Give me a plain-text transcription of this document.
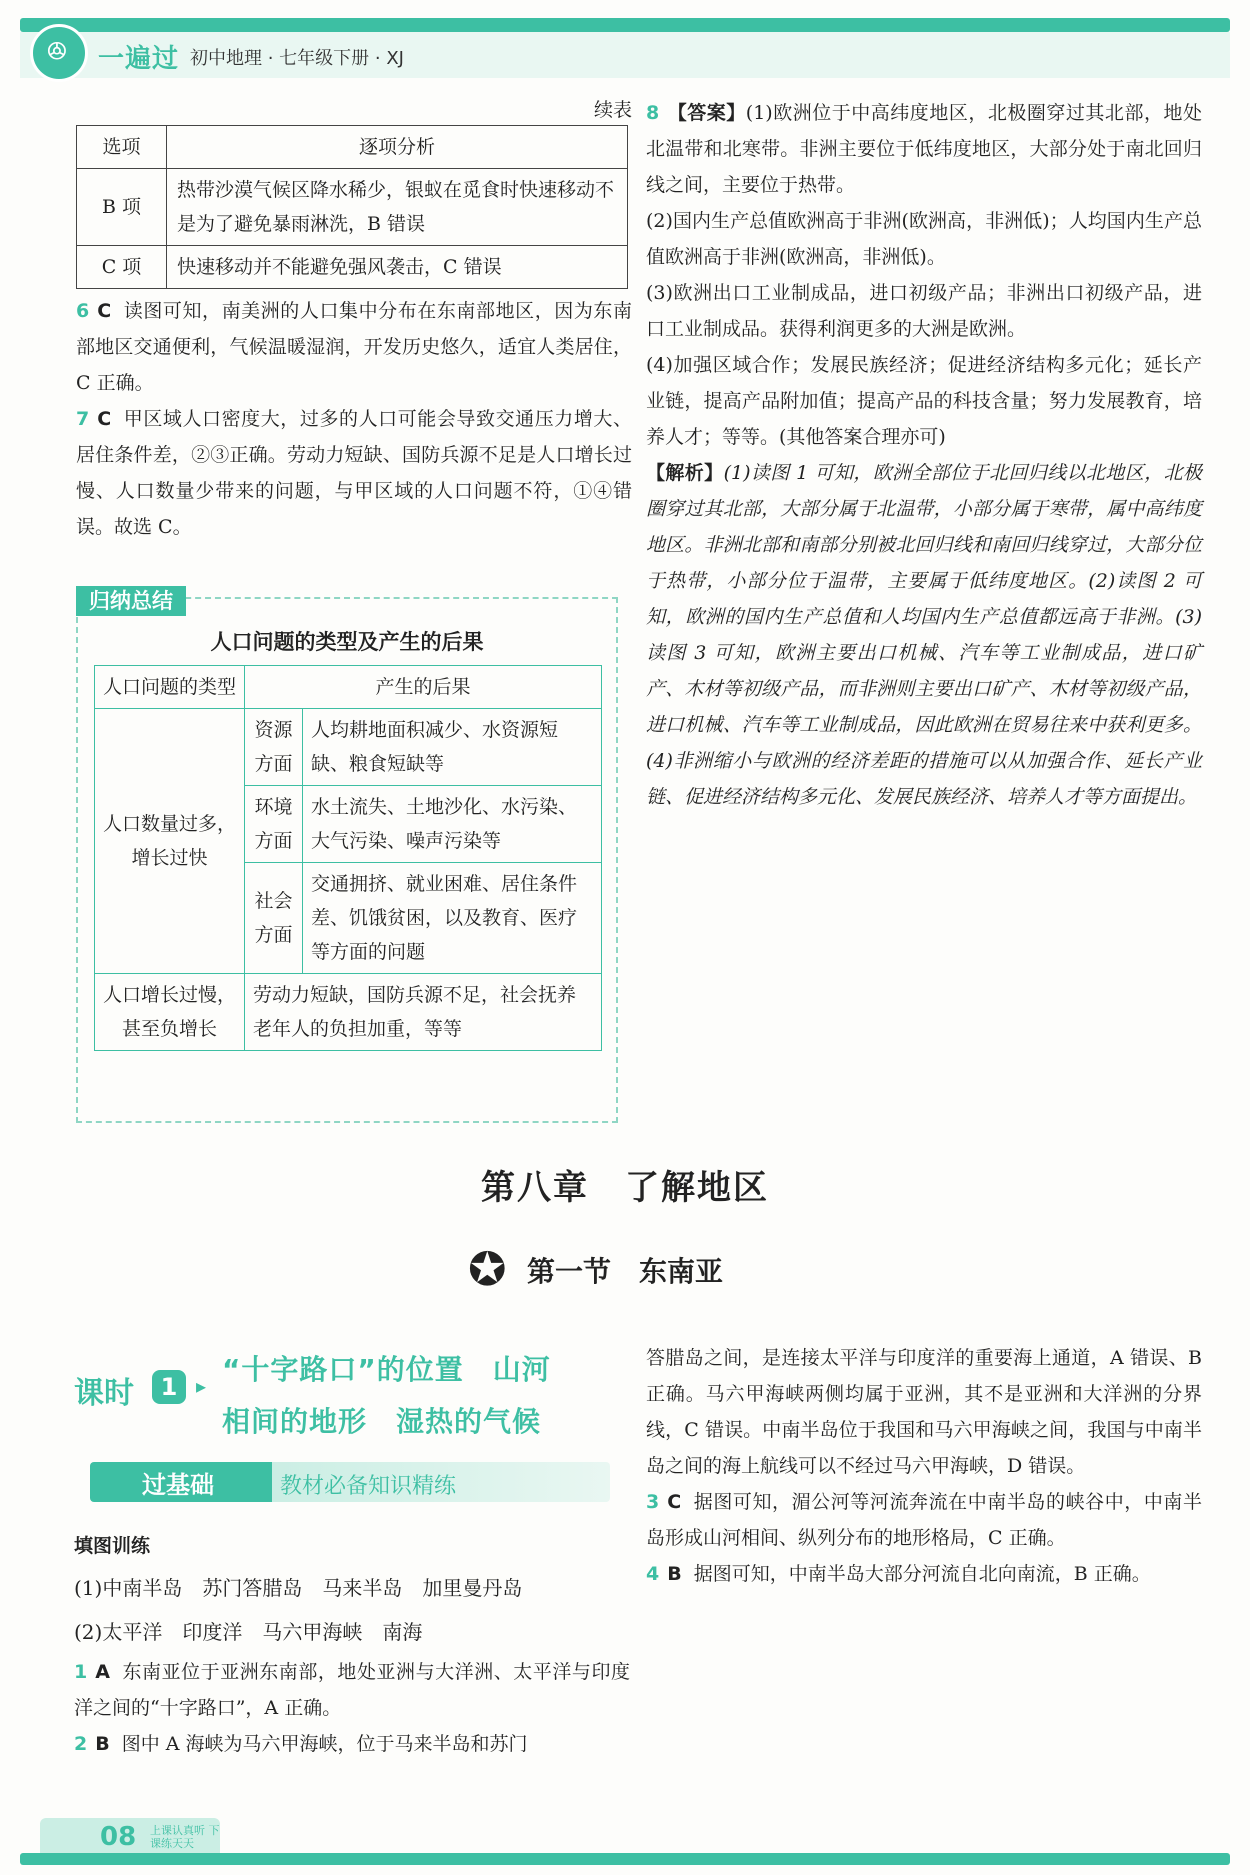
ꔮ
一遍过 初中地理 · 七年级下册 · XJ
续表
选项	逐项分析
B 项	热带沙漠气候区降水稀少，银蚁在觅食时快速移动不是为了避免暴雨淋洗，B 错误
C 项	快速移动并不能避免强风袭击，C 错误
6 C 读图可知，南美洲的人口集中分布在东南部地区，因为东南部地区交通便利，气候温暖湿润，开发历史悠久，适宜人类居住，C 正确。
7 C 甲区域人口密度大，过多的人口可能会导致交通压力增大、居住条件差，②③正确。劳动力短缺、国防兵源不足是人口增长过慢、人口数量少带来的问题，与甲区域的人口问题不符，①④错误。故选 C。
归纳总结
人口问题的类型及产生的后果
人口问题的类型	产生的后果	
人口数量过多，增长过快	资源方面	人均耕地面积减少、水资源短缺、粮食短缺等
	环境方面	水土流失、土地沙化、水污染、大气污染、噪声污染等
	社会方面	交通拥挤、就业困难、居住条件差、饥饿贫困，以及教育、医疗等方面的问题
人口增长过慢，甚至负增长	劳动力短缺，国防兵源不足，社会抚养老年人的负担加重，等等	
8 【答案】(1)欧洲位于中高纬度地区，北极圈穿过其北部，地处北温带和北寒带。非洲主要位于低纬度地区，大部分处于南北回归线之间，主要位于热带。
(2)国内生产总值欧洲高于非洲(欧洲高，非洲低)；人均国内生产总值欧洲高于非洲(欧洲高，非洲低)。
(3)欧洲出口工业制成品，进口初级产品；非洲出口初级产品，进口工业制成品。获得利润更多的大洲是欧洲。
(4)加强区域合作；发展民族经济；促进经济结构多元化；延长产业链，提高产品附加值；提高产品的科技含量；努力发展教育，培养人才；等等。(其他答案合理亦可)
【解析】(1)读图 1 可知，欧洲全部位于北回归线以北地区，北极圈穿过其北部，大部分属于北温带，小部分属于寒带，属中高纬度地区。非洲北部和南部分别被北回归线和南回归线穿过，大部分位于热带，小部分位于温带，主要属于低纬度地区。(2)读图 2 可知，欧洲的国内生产总值和人均国内生产总值都远高于非洲。(3)读图 3 可知，欧洲主要出口机械、汽车等工业制成品，进口矿产、木材等初级产品，而非洲则主要出口矿产、木材等初级产品，进口机械、汽车等工业制成品，因此欧洲在贸易往来中获利更多。(4)非洲缩小与欧洲的经济差距的措施可以从加强合作、延长产业链、促进经济结构多元化、发展民族经济、培养人才等方面提出。
第八章　了解地区
✪ 第一节　东南亚
课时	1 ▸ “十字路口”的位置　山河
相间的地形　湿热的气候
过基础	教材必备知识精练
填图训练
(1)中南半岛　苏门答腊岛　马来半岛　加里曼丹岛
(2)太平洋　印度洋　马六甲海峡　南海
1 A 东南亚位于亚洲东南部，地处亚洲与大洋洲、太平洋与印度洋之间的“十字路口”，A 正确。
2 B 图中 A 海峡为马六甲海峡，位于马来半岛和苏门
答腊岛之间，是连接太平洋与印度洋的重要海上通道，A 错误、B 正确。马六甲海峡两侧均属于亚洲，其不是亚洲和大洋洲的分界线，C 错误。中南半岛位于我国和马六甲海峡之间，我国与中南半岛之间的海上航线可以不经过马六甲海峡，D 错误。
3 C 据图可知，湄公河等河流奔流在中南半岛的峡谷中，中南半岛形成山河相间、纵列分布的地形格局，C 正确。
4 B 据图可知，中南半岛大部分河流自北向南流，B 正确。
08 上课认真听 下课练天天
